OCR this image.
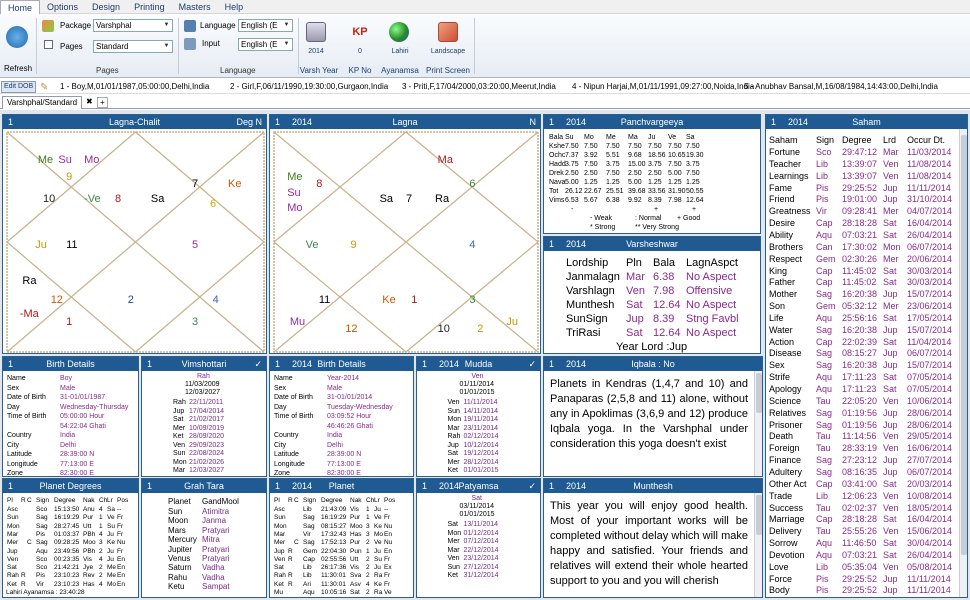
Home	Options	Design	Printing	Masters	Help
Refresh
Package Varshphal	▼
Pages	Standard	▼
Pages
Language English (E ▼
Input	English (E ▼
Language
2014
Varsh Year
KP
0
KP No
Lahiri
Ayanamsa
Landscape
Print Screen
Edit DOB ✎ 1 - Boy,M,01/01/1987,05:00:00,Delhi,India	2 - Girl,F,06/11/1990,19:30:00,Gurgaon,India 3 - Priti,F,17/04/2000,03:20:00,Meerut,India 4 - Nipun Harjai,M,01/11/1991,09:27:00,Noida,India
5 - Anubhav Bansal,M,16/08/1984,14:43:00,Delhi,India
Varshphal/Standard	✖ +
Lagna-Chalit
1	Deg N
Me Su Mo
9
10	-Ve 8	Sa
7
6
Ke
Ju 11	5
Ra
12
-Ma
2	4
1	3
Lagna
1 2014	N
Ma
Me
Su
Mo
8	6
Sa 7 Ra
Ve	9	4
11	Ke 1	3
Mu
12	10 2
Ju
Panchvargeeya
1 2014
Bala Su Mo Me Ma Ju Ve Sa
Kshe 7.50 7.50 7.50 7.50 7.50 7.50 7.50
Ochc 7.37 3.92 5.51 9.68 18.56 10.65 19.30
Hadd 3.75 7.50 3.75 15.00 3.75 7.50 3.75
Drek 2.50 2.50 7.50 2.50 2.50 5.00 7.50
Nava 5.00 1.25 1.25 5.00 1.25 1.25 1.25
Tot 26.12 22.67 25.51 39.68 33.56 31.90 50.55
Vims 6.53 5.67 6.38 9.92 8.39 7.98 12.64
-	+	+
- Weak	: Normal + Good
* Strong	** Very Strong
Varsheshwar
1 2014
Lordship Pln Bala LagnAspct
Janmalagn Mar 6.38 No Aspect
Varshlagn Ven 7.98 Offensive
Munthesh Sat 12.64 No Aspect
SunSign Jup 8.39 Stng Favbl
TriRasi Sat 12.64 No Aspect
Year Lord :Jup
Birth Details
1
Name	Boy
Sex	Male
Date of Birth 31-01/01/1987
Day	Wednesday-Thursday
Time of Birth 05:00:00 Hour
54:22:04 Ghati
Country	India
City	Delhi
Latitude	28:39:00 N
Longitude	77:13:00 E
Zone	82:30:00 E
Birth Details
1 2014
Name	Year-2014
Sex	Male
Date of Birth 31-01/01/2014
Day	Tuesday-Wednesday
Time of Birth 03:09:52 Hour
46:46:26 Ghati
Country	India
City	Delhi
Latitude	28:39:00 N
Longitude	77:13:00 E
Zone	82:30:00 E
Vimshottari
1	✓
Rah
11/03/2009
12/03/2027
Rah 22/11/2011
Jup 17/04/2014
Sat 21/02/2017
Mer 10/09/2019
Ket 28/09/2020
Ven 29/09/2023
Sun 22/08/2024
Mon 21/02/2026
Mar 12/03/2027
Mudda
1 2014	✓
Ven
01/11/2014
01/01/2015
Ven 11/11/2014
Sun 14/11/2014
Mon 19/11/2014
Mar 23/11/2014
Rah 02/12/2014
Jup 10/12/2014
Sat 19/12/2014
Mer 28/12/2014
Ket 01/01/2015
Patyamsa
1 2014	✓
Sat
03/11/2014
01/01/2015
Sat 13/11/2014
Mon 01/12/2014
Mer 07/12/2014
Mar 22/12/2014
Ven 23/12/2014
Sun 27/12/2014
Ket 31/12/2014
Iqbala : No
1 2014
Planets in Kendras (1,4,7 and 10) and Panaparas (2,5,8 and 11) alone, without any in Apoklimas (3,6,9 and 12) produce Iqbala yoga. In the Varshphal under consideration this yoga doesn't exist
Munthesh
1 2014
This year you will enjoy good health. Most of your important works will be completed without delay which will make happy and satisfied. Your friends and relatives will extend their whole hearted support to you and you will cherish
Planet Degrees
1
Pl R C Sign Degree Nak Ch Lr Pos
Asc	Sco 15:13:50 Anu 4 Sa --
Sun	Sag 16:19:29 Pur 1 Ve Fr
Mon	Sag 28:27:45 Utt 1 Su Fr
Mar	Pis 01:03:37 PBh 4 Ju Fr
Mer C Sag 09:28:25 Moo 3 Ke Nu
Jup	Aqu 23:49:56 PBh 2 Ju Fr
Ven	Sco 00:23:35 Vis 4 Ju En
Sat	Sco 21:42:21 Jye 2 Me En
Rah R Pis 23:10:23 Rev 2 Me En
Ket R Vir 23:10:23 Has 4 Mo En
Lahiri Ayanamsa : 23:40:28
Planet
1 2014
Pl R C Sign Degree Nak Ch Lr Pos
Asc	Lib 21:43:09 Vis 1 Ju --
Sun	Sag 16:19:29 Pur 1 Ve Fr
Mon	Sag 08:15:27 Moo 3 Ke Nu
Mar	Vir 17:32:43 Has 3 Mo En
Mer C Sag 17:52:13 Pur 2 Ve Nu
Jup R Gem 22:04:30 Pun 1 Ju En
Ven R Cap 02:55:56 Utt 2 Su Fr
Sat	Lib 26:17:36 Vis 2 Ju Ex
Rah R Lib 11:30:01 Sva 2 Ra Fr
Ket R Ari 11:30:01 Asv 4 Ke Fr
Mu	Aqu 10:05:16 Sat 2 Ra Ve
Grah Tara
1
Planet GandMool
Sun Atimitra
Moon Janma
Mars Pratyari
Mercury Mitra
Jupiter Pratyari
Venus Pratyari
Saturn Vadha
Rahu Vadha
Ketu Sampat
Saham
1 2014
Saham Sign Degree Lrd Occur Dt.
Fortune Sco 29:47:12 Mar 11/03/2014
Teacher Lib 13:39:07 Ven 11/08/2014
Learnings Lib 13:39:07 Ven 11/08/2014
Fame	Pis 29:25:52 Jup 11/11/2014
Friend Pis 19:01:00 Jup 31/10/2014
Greatness Vir 09:28:41 Mer 04/07/2014
Desire Cap 28:18:28 Sat 16/04/2014
Ability	Aqu 07:03:21 Sat 26/04/2014
Brothers Can 17:30:02 Mon 06/07/2014
Respect Gem 02:30:26 Mer 20/06/2014
King	Cap 11:45:02 Sat 30/03/2014
Father Cap 11:45:02 Sat 30/03/2014
Mother Sag 16:20:38 Jup 15/07/2014
Son	Gem 05:32:12 Mer 23/06/2014
Life	Aqu 25:56:16 Sat 17/05/2014
Water	Sag 16:20:38 Jup 15/07/2014
Action Cap 22:02:39 Sat 11/04/2014
Disease Sag 08:15:27 Jup 06/07/2014
Sex	Sag 16:20:38 Jup 15/07/2014
Strife	Aqu 17:11:23 Sat 07/05/2014
Apology Aqu 17:11:23 Sat 07/05/2014
Science Tau 22:05:20 Ven 10/06/2014
Relatives Sag 01:19:56 Jup 28/06/2014
Prisoner Sag 01:19:56 Jup 28/06/2014
Death	Tau 11:14:56 Ven 29/05/2014
Foreign Tau 28:33:19 Ven 16/06/2014
Finance Sag 27:23:12 Jup 27/07/2014
Adultery Sag 08:16:35 Jup 06/07/2014
Other Act Cap 03:41:00 Sat 20/03/2014
Trade	Lib 12:06:23 Ven 10/08/2014
Success Tau 02:02:37 Ven 18/05/2014
Marriage Cap 28:18:28 Sat 16/04/2014
Delivery Tau 25:55:26 Ven 15/06/2014
Sorrow Aqu 11:46:50 Sat 30/04/2014
Devotion Aqu 07:03:21 Sat 26/04/2014
Love	Lib 05:35:04 Ven 05/08/2014
Force	Pis 29:25:52 Jup 11/11/2014
Body	Pis 29:25:52 Jup 11/11/2014
